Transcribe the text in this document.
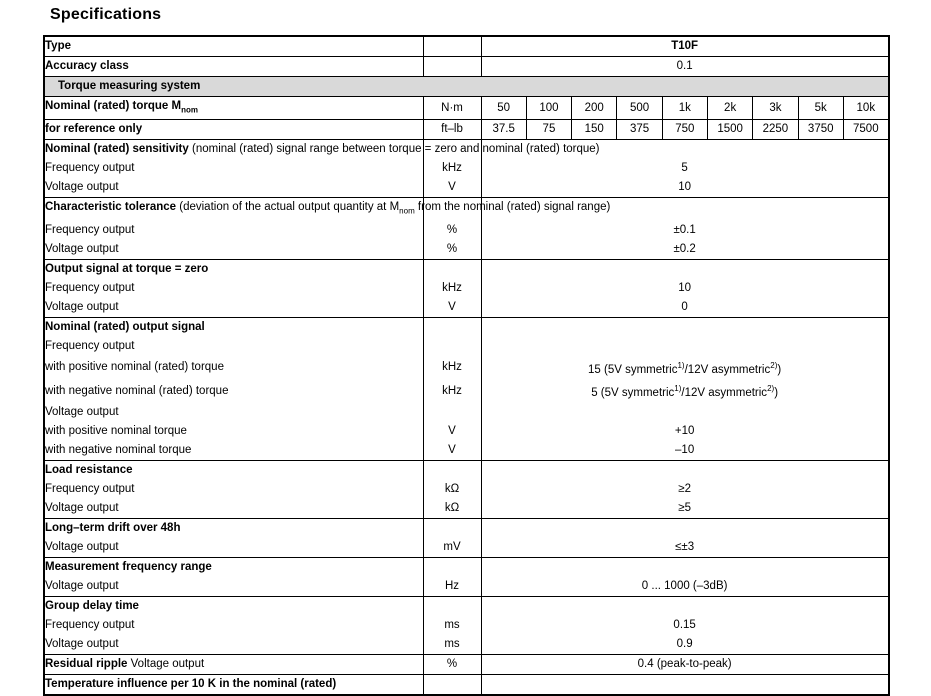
Specifications
Type		T10F								
Accuracy class		0.1								
Torque measuring system										
Nominal (rated) torque $M_{nom}$	N·m	50	100	200	500	1k	2k	3k	5k	10k
for reference only	ft–lb	37.5	75	150	375	750	1500	2250	3750	7500
Nominal (rated) sensitivity (nominal (rated) signal range between torque = zero and nominal (rated) torque)										
Frequency output	kHz	5								
Voltage output	V	10								
Characteristic tolerance (deviation of the actual output quantity at $M_{nom}$ from the nominal (rated) signal range)										
Frequency output	%	±0.1								
Voltage output	%	±0.2								
Output signal at torque = zero										
Frequency output	kHz	10								
Voltage output	V	0								
Nominal (rated) output signal										
Frequency output										
with positive nominal (rated) torque	kHz	15 (5V symmetric$^{1)}$/12V asymmetric$^{2)}$)								
with negative nominal (rated) torque	kHz	5 (5V symmetric$^{1)}$/12V asymmetric$^{2)}$)								
Voltage output										
with positive nominal torque	V	+10								
with negative nominal torque	V	–10								
Load resistance										
Frequency output	kΩ	≥2								
Voltage output	kΩ	≥5								
Long–term drift over 48h										
Voltage output	mV	≤±3								
Measurement frequency range										
Voltage output	Hz	0 ... 1000 (–3dB)								
Group delay time										
Frequency output	ms	0.15								
Voltage output	ms	0.9								
Residual ripple Voltage output	%	0.4 (peak-to-peak)								
Temperature influence per 10 K in the nominal (rated)										
